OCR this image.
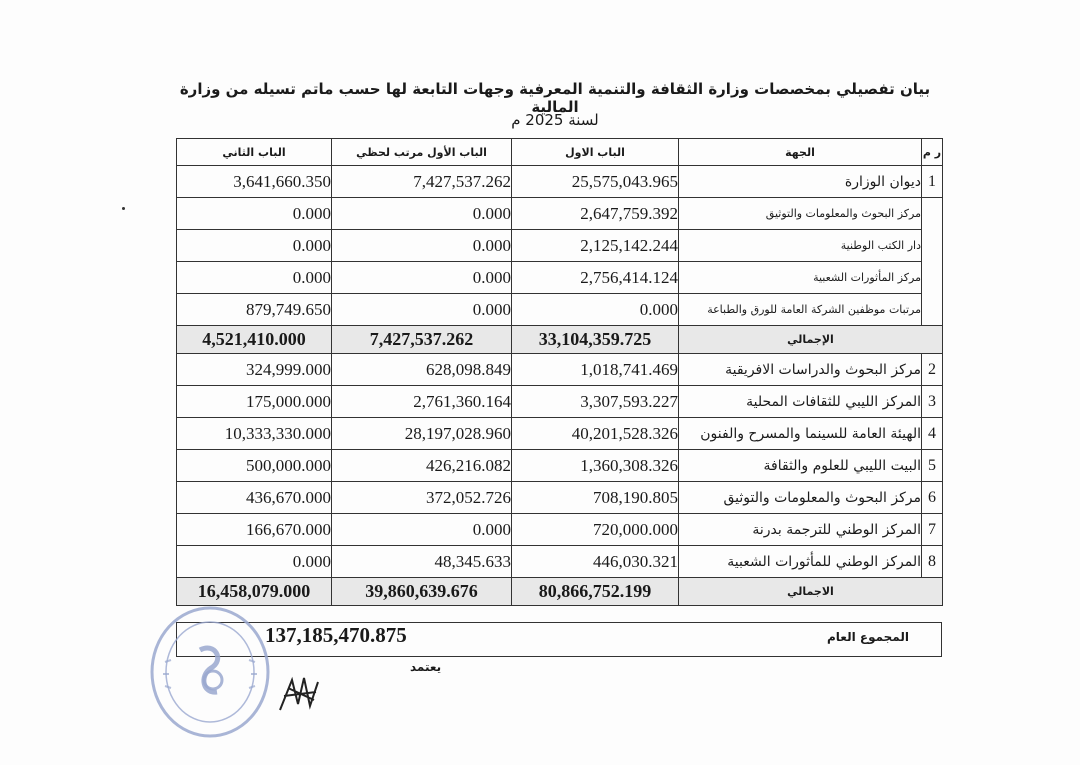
بيان تفصيلي بمخصصات وزارة الثقافة والتنمية المعرفية وجهات التابعة لها حسب ماتم تسيله من وزارة المالية
لسنة 2025 م
الباب الثاني	الباب الأول مرتب لحظي	الباب الاول	الجهة	ر م
3,641,660.350	7,427,537.262	25,575,043.965	ديوان الوزارة	1
0.000	0.000	2,647,759.392	مركز البحوث والمعلومات والتوثيق	
0.000	0.000	2,125,142.244	دار الكتب الوطنية	
0.000	0.000	2,756,414.124	مركز المأثورات الشعبية	
879,749.650	0.000	0.000	مرتبات موظفين الشركة العامة للورق والطباعة	
4,521,410.000	7,427,537.262	33,104,359.725	الإجمالي	
324,999.000	628,098.849	1,018,741.469	مركز البحوث والدراسات الافريقية	2
175,000.000	2,761,360.164	3,307,593.227	المركز الليبي للثقافات المحلية	3
10,333,330.000	28,197,028.960	40,201,528.326	الهيئة العامة للسينما والمسرح والفنون	4
500,000.000	426,216.082	1,360,308.326	البيت الليبي للعلوم والثقافة	5
436,670.000	372,052.726	708,190.805	مركز البحوث والمعلومات والتوثيق	6
166,670.000	0.000	720,000.000	المركز الوطني للترجمة بدرنة	7
0.000	48,345.633	446,030.321	المركز الوطني للمأثورات الشعبية	8
16,458,079.000	39,860,639.676	80,866,752.199	الاجمالي	
137,185,470.875	المجموع العام
يعتمد
